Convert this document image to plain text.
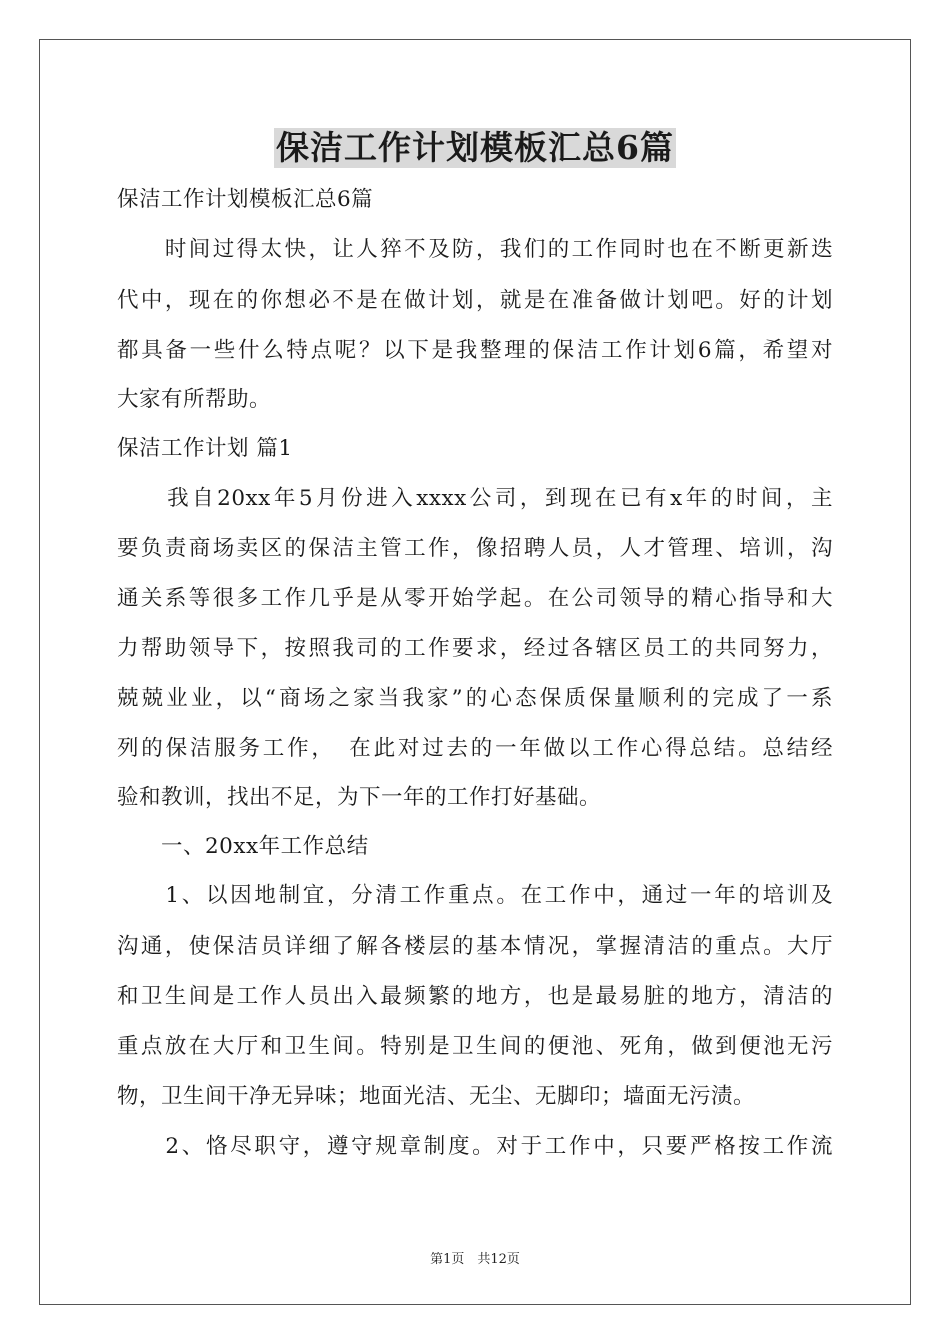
保洁工作计划模板汇总6篇
保洁工作计划模板汇总6篇
　　时间过得太快，让人猝不及防，我们的工作同时也在不断更新迭
代中，现在的你想必不是在做计划，就是在准备做计划吧。好的计划
都具备一些什么特点呢？以下是我整理的保洁工作计划6篇，希望对
大家有所帮助。
保洁工作计划 篇1
　　我自20xx年5月份进入xxxx公司，到现在已有x年的时间，主
要负责商场卖区的保洁主管工作，像招聘人员，人才管理、培训，沟
通关系等很多工作几乎是从零开始学起。在公司领导的精心指导和大
力帮助领导下，按照我司的工作要求，经过各辖区员工的共同努力，
兢兢业业，以“商场之家当我家”的心态保质保量顺利的完成了一系
列的保洁服务工作，　在此对过去的一年做以工作心得总结。总结经
验和教训，找出不足，为下一年的工作打好基础。
　　一、20xx年工作总结
　　1、以因地制宜，分清工作重点。在工作中，通过一年的培训及
沟通，使保洁员详细了解各楼层的基本情况，掌握清洁的重点。大厅
和卫生间是工作人员出入最频繁的地方，也是最易脏的地方，清洁的
重点放在大厅和卫生间。特别是卫生间的便池、死角，做到便池无污
物，卫生间干净无异味；地面光洁、无尘、无脚印；墙面无污渍。
　　2、恪尽职守，遵守规章制度。对于工作中，只要严格按工作流
第1页　共12页
